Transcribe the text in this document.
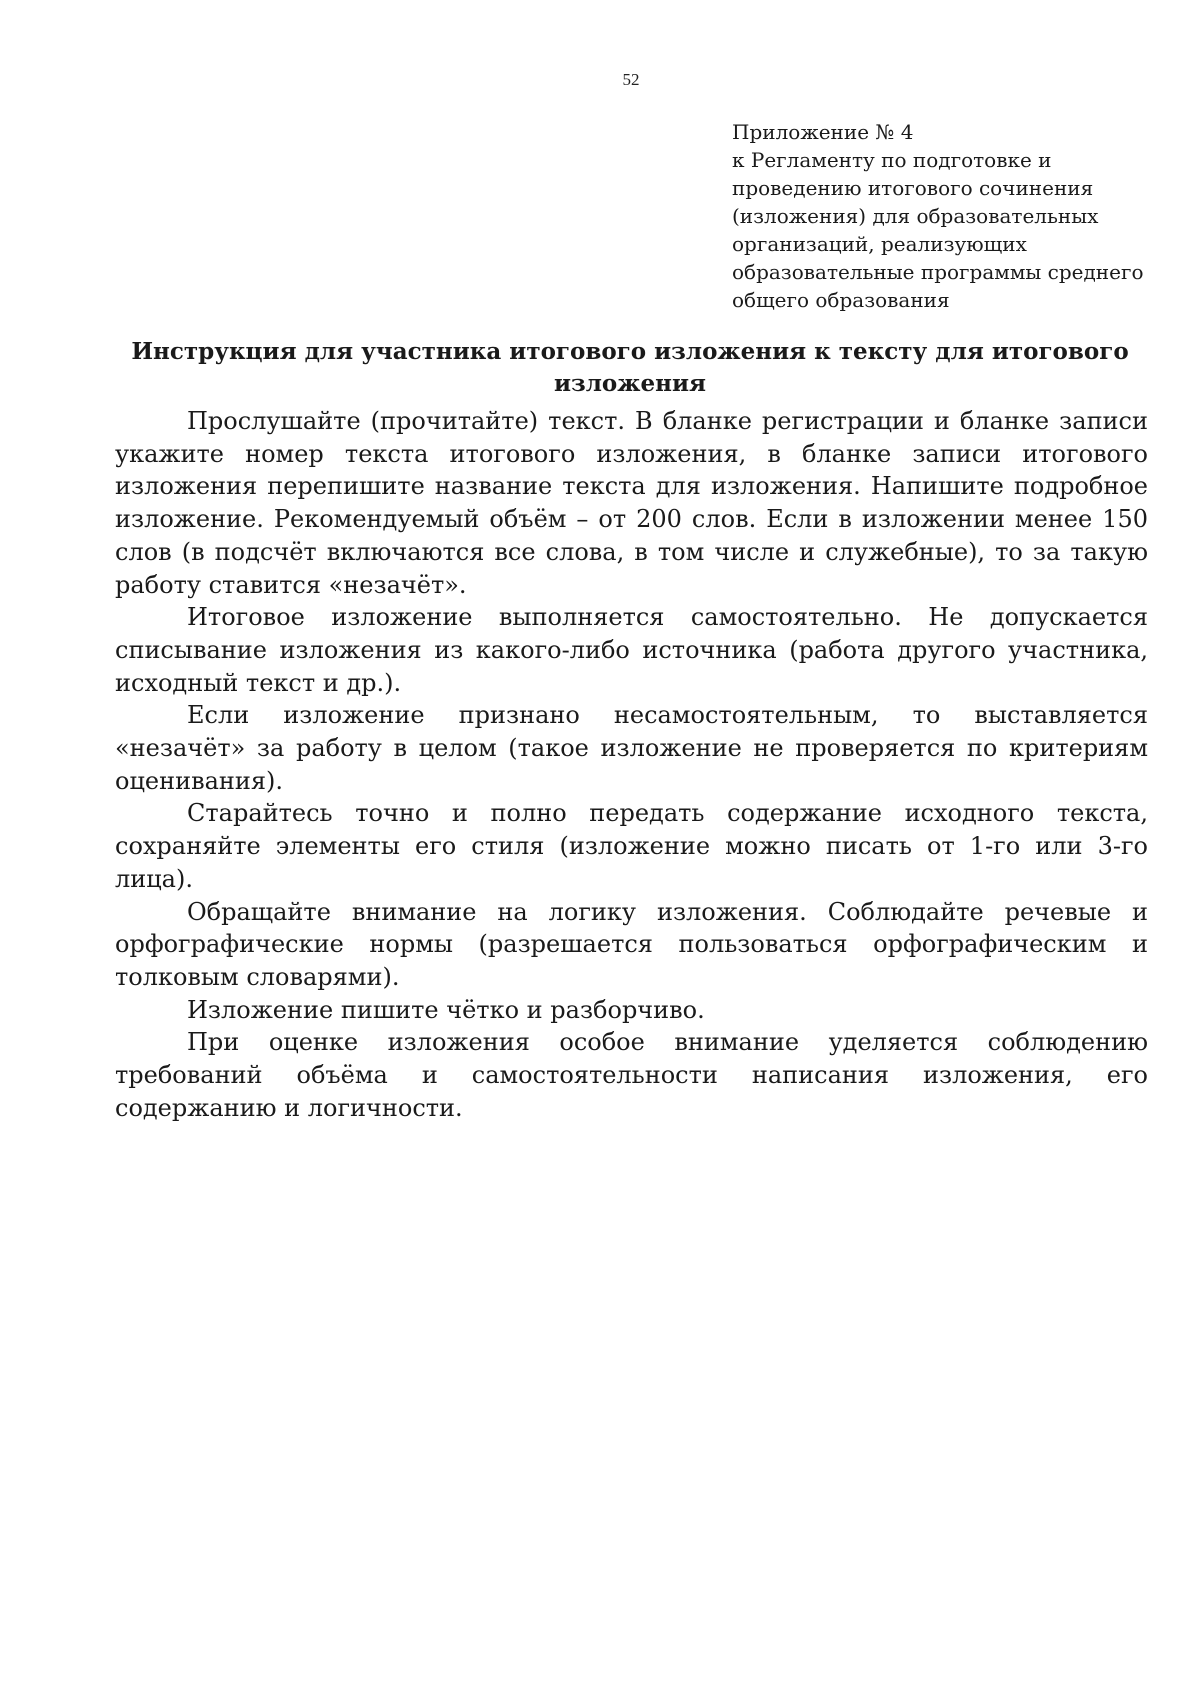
52
Приложение № 4
к Регламенту по подготовке и
проведению итогового сочинения
(изложения) для образовательных
организаций, реализующих
образовательные программы среднего
общего образования
Инструкция для участника итогового изложения к тексту для итогового
изложения

Прослушайте (прочитайте) текст. В бланке регистрации и бланке записи укажите номер текста итогового изложения, в бланке записи итогового изложения перепишите название текста для изложения. Напишите подробное изложение. Рекомендуемый объём – от 200 слов. Если в изложении менее 150 слов (в подсчёт включаются все слова, в том числе и служебные), то за такую работу ставится «незачёт».

Итоговое изложение выполняется самостоятельно. Не допускается списывание изложения из какого-либо источника (работа другого участника, исходный текст и др.).

Если изложение признано несамостоятельным, то выставляется «незачёт» за работу в целом (такое изложение не проверяется по критериям оценивания).

Старайтесь точно и полно передать содержание исходного текста, сохраняйте элементы его стиля (изложение можно писать от 1-го или 3-го лица).

Обращайте внимание на логику изложения. Соблюдайте речевые и орфографические нормы (разрешается пользоваться орфографическим и толковым словарями).

Изложение пишите чётко и разборчиво.

При оценке изложения особое внимание уделяется соблюдению требований объёма и самостоятельности написания изложения, его содержанию и логичности.
